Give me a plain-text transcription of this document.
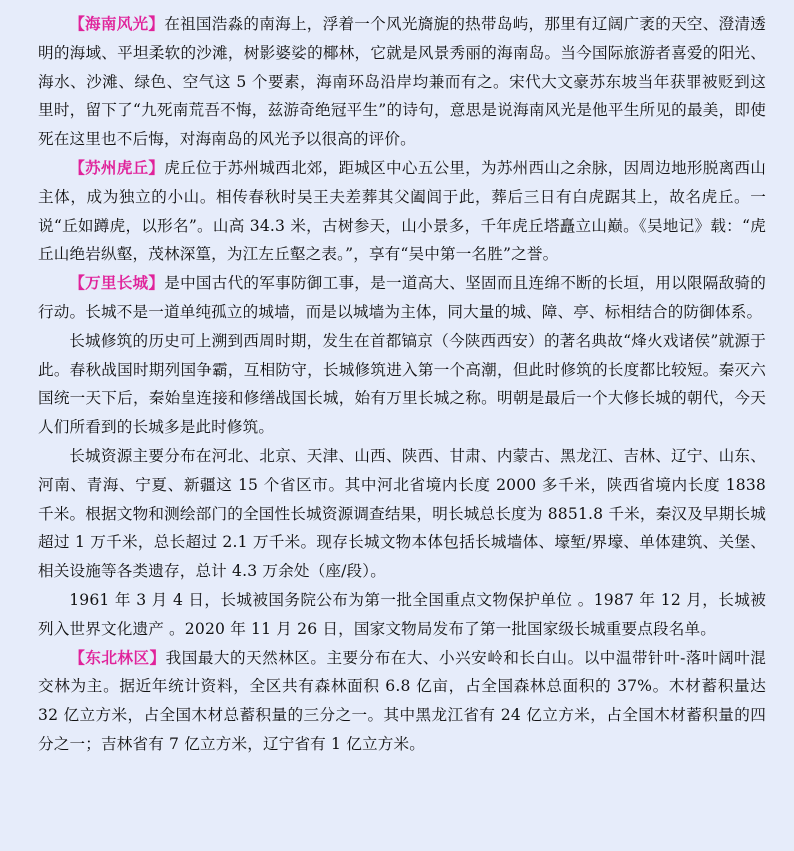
【海南风光】在祖国浩淼的南海上，浮着一个风光旖旎的热带岛屿，那里有辽阔广袤的天空、澄清透明的海域、平坦柔软的沙滩，树影婆娑的椰林，它就是风景秀丽的海南岛。当今国际旅游者喜爱的阳光、海水、沙滩、绿色、空气这 5 个要素，海南环岛沿岸均兼而有之。宋代大文豪苏东坡当年获罪被贬到这里时，留下了“九死南荒吾不悔，兹游奇绝冠平生”的诗句，意思是说海南风光是他平生所见的最美，即使死在这里也不后悔，对海南岛的风光予以很高的评价。

【苏州虎丘】虎丘位于苏州城西北郊，距城区中心五公里，为苏州西山之余脉，因周边地形脱离西山主体，成为独立的小山。相传春秋时吴王夫差葬其父阖闾于此，葬后三日有白虎踞其上，故名虎丘。一说“丘如蹲虎，以形名”。山高 34.3 米，古树参天，山小景多，千年虎丘塔矗立山巅。《吴地记》载：“虎丘山绝岩纵壑，茂林深篁，为江左丘壑之表。”，享有“吴中第一名胜”之誉。

【万里长城】是中国古代的军事防御工事，是一道高大、坚固而且连绵不断的长垣，用以限隔敌骑的行动。长城不是一道单纯孤立的城墙，而是以城墙为主体，同大量的城、障、亭、标相结合的防御体系。

长城修筑的历史可上溯到西周时期，发生在首都镐京（今陕西西安）的著名典故“烽火戏诸侯”就源于此。春秋战国时期列国争霸，互相防守，长城修筑进入第一个高潮，但此时修筑的长度都比较短。秦灭六国统一天下后，秦始皇连接和修缮战国长城，始有万里长城之称。明朝是最后一个大修长城的朝代，今天人们所看到的长城多是此时修筑。

长城资源主要分布在河北、北京、天津、山西、陕西、甘肃、内蒙古、黑龙江、吉林、辽宁、山东、河南、青海、宁夏、新疆这 15 个省区市。其中河北省境内长度 2000 多千米，陕西省境内长度 1838 千米。根据文物和测绘部门的全国性长城资源调查结果，明长城总长度为 8851.8 千米，秦汉及早期长城超过 1 万千米，总长超过 2.1 万千米。现存长城文物本体包括长城墙体、壕堑/界壕、单体建筑、关堡、相关设施等各类遗存，总计 4.3 万余处（座/段）。

1961 年 3 月 4 日，长城被国务院公布为第一批全国重点文物保护单位 。1987 年 12 月，长城被列入世界文化遗产 。2020 年 11 月 26 日，国家文物局发布了第一批国家级长城重要点段名单。

【东北林区】我国最大的天然林区。主要分布在大、小兴安岭和长白山。以中温带针叶-落叶阔叶混交林为主。据近年统计资料，全区共有森林面积 6.8 亿亩，占全国森林总面积的 37%。木材蓄积量达 32 亿立方米，占全国木材总蓄积量的三分之一。其中黑龙江省有 24 亿立方米，占全国木材蓄积量的四分之一；吉林省有 7 亿立方米，辽宁省有 1 亿立方米。
